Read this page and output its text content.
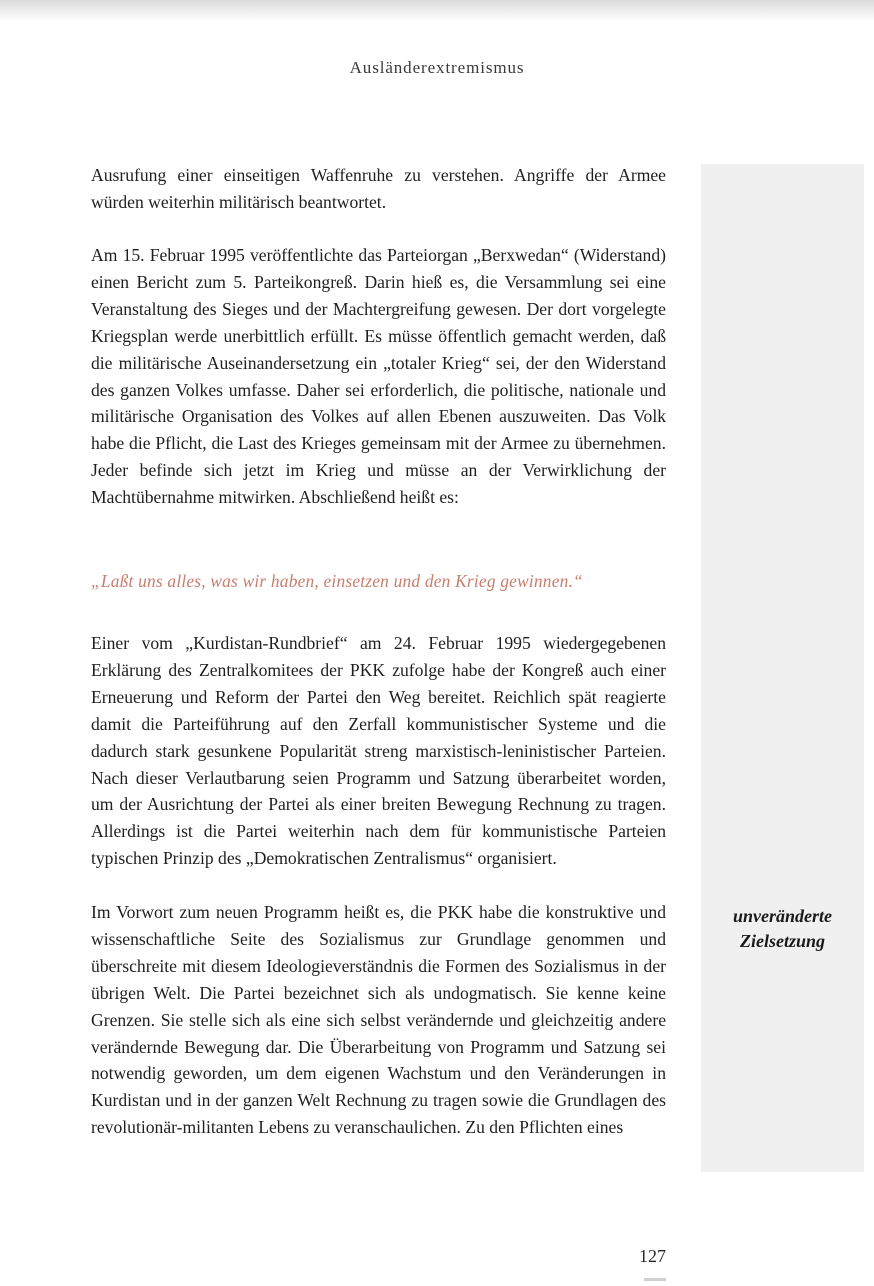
Ausländerextremismus
unveränderte
Zielsetzung

Ausrufung einer einseitigen Waffenruhe zu verstehen. Angriffe der Armee würden weiterhin militärisch beantwortet.

Am 15. Februar 1995 veröffentlichte das Parteiorgan „Berxwedan“ (Widerstand) einen Bericht zum 5. Parteikongreß. Darin hieß es, die Versammlung sei eine Veranstaltung des Sieges und der Machtergreifung gewesen. Der dort vorgelegte Kriegsplan werde unerbittlich erfüllt. Es müsse öffentlich gemacht werden, daß die militärische Auseinandersetzung ein „totaler Krieg“ sei, der den Widerstand des ganzen Volkes umfasse. Daher sei erforderlich, die politische, nationale und militärische Organisation des Volkes auf allen Ebenen auszuweiten. Das Volk habe die Pflicht, die Last des Krieges gemeinsam mit der Armee zu übernehmen. Jeder befinde sich jetzt im Krieg und müsse an der Verwirklichung der Machtübernahme mitwirken. Abschließend heißt es:

„Laßt uns alles, was wir haben, einsetzen und den Krieg gewinnen.“

Einer vom „Kurdistan-Rundbrief“ am 24. Februar 1995 wiedergegebenen Erklärung des Zentralkomitees der PKK zufolge habe der Kongreß auch einer Erneuerung und Reform der Partei den Weg bereitet. Reichlich spät reagierte damit die Parteiführung auf den Zerfall kommunistischer Systeme und die dadurch stark gesunkene Popularität streng marxistisch-leninistischer Parteien. Nach dieser Verlautbarung seien Programm und Satzung überarbeitet worden, um der Ausrichtung der Partei als einer breiten Bewegung Rechnung zu tragen. Allerdings ist die Partei weiterhin nach dem für kommunistische Parteien typischen Prinzip des „Demokratischen Zentralismus“ organisiert.

Im Vorwort zum neuen Programm heißt es, die PKK habe die konstruktive und wissenschaftliche Seite des Sozialismus zur Grundlage genommen und überschreite mit diesem Ideologieverständnis die Formen des Sozialismus in der übrigen Welt. Die Partei bezeichnet sich als undogmatisch. Sie kenne keine Grenzen. Sie stelle sich als eine sich selbst verändernde und gleichzeitig andere verändernde Bewegung dar. Die Überarbeitung von Programm und Satzung sei notwendig geworden, um dem eigenen Wachstum und den Veränderungen in Kurdistan und in der ganzen Welt Rechnung zu tragen sowie die Grundlagen des revolutionär-militanten Lebens zu veranschaulichen. Zu den Pflichten eines

127
